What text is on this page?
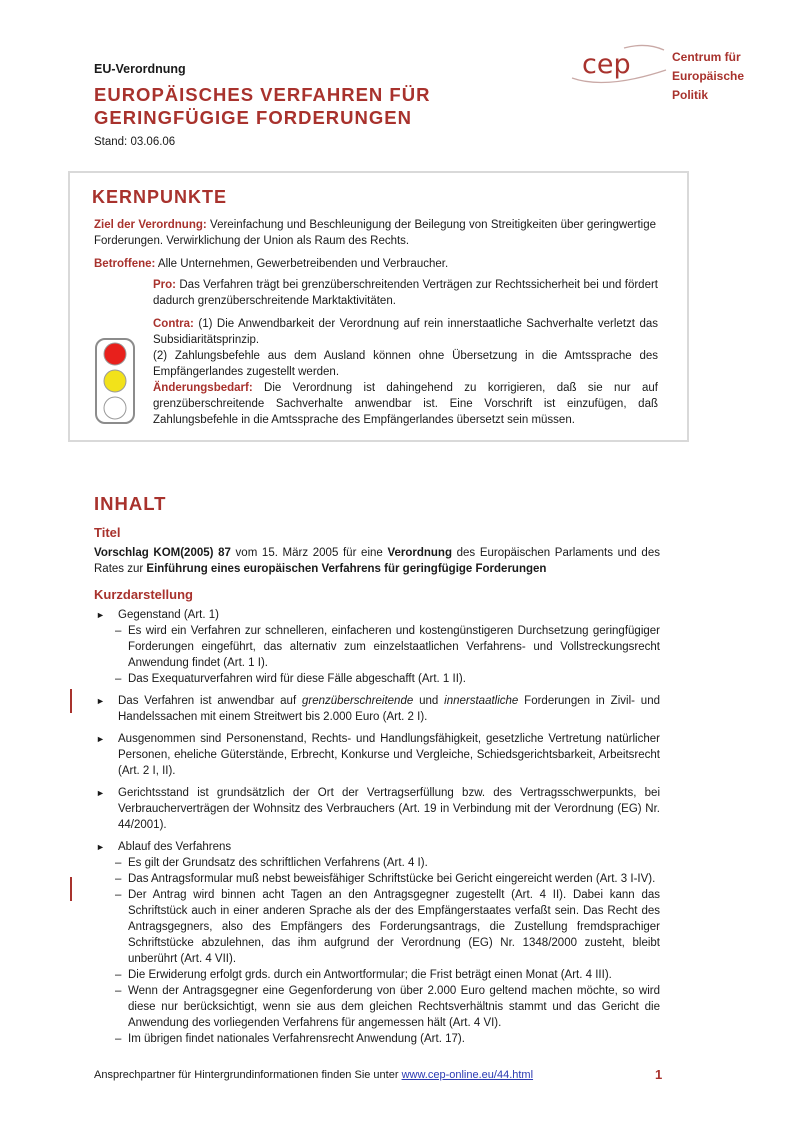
EU-Verordnung
EUROPÄISCHES VERFAHREN FÜR
GERINGFÜGIGE FORDERUNGEN
Stand: 03.06.06
cep	Centrum für
Europäische
Politik
KERNPUNKTE
Ziel der Verordnung: Vereinfachung und Beschleunigung der Beilegung von Streitigkeiten über geringwertige Forderungen. Verwirklichung der Union als Raum des Rechts.
Betroffene: Alle Unternehmen, Gewerbetreibenden und Verbraucher.
Pro: Das Verfahren trägt bei grenzüberschreitenden Verträgen zur Rechtssicherheit bei und fördert dadurch grenzüberschreitende Marktaktivitäten.
Contra: (1) Die Anwendbarkeit der Verordnung auf rein innerstaatliche Sachverhalte verletzt das Subsidiaritätsprinzip.
(2) Zahlungsbefehle aus dem Ausland können ohne Übersetzung in die Amtssprache des Empfängerlandes zugestellt werden.
Änderungsbedarf: Die Verordnung ist dahingehend zu korrigieren, daß sie nur auf grenzüberschreitende Sachverhalte anwendbar ist. Eine Vorschrift ist einzufügen, daß Zahlungsbefehle in die Amtssprache des Empfängerlandes übersetzt sein müssen.
INHALT
Titel
Vorschlag KOM(2005) 87 vom 15. März 2005 für eine Verordnung des Europäischen Parlaments und des Rates zur Einführung eines europäischen Verfahrens für geringfügige Forderungen
Kurzdarstellung
► Gegenstand (Art. 1)
– Es wird ein Verfahren zur schnelleren, einfacheren und kostengünstigeren Durchsetzung geringfügiger Forderungen eingeführt, das alternativ zum einzelstaatlichen Verfahrens- und Vollstreckungsrecht Anwendung findet (Art. 1 I).
– Das Exequaturverfahren wird für diese Fälle abgeschafft (Art. 1 II).
► Das Verfahren ist anwendbar auf grenzüberschreitende und innerstaatliche Forderungen in Zivil- und Handelssachen mit einem Streitwert bis 2.000 Euro (Art. 2 I).
► Ausgenommen sind Personenstand, Rechts- und Handlungsfähigkeit, gesetzliche Vertretung natürlicher Personen, eheliche Güterstände, Erbrecht, Konkurse und Vergleiche, Schiedsgerichtsbarkeit, Arbeitsrecht (Art. 2 I, II).
► Gerichtsstand ist grundsätzlich der Ort der Vertragserfüllung bzw. des Vertragsschwerpunkts, bei Verbraucherverträgen der Wohnsitz des Verbrauchers (Art. 19 in Verbindung mit der Verordnung (EG) Nr. 44/2001).
► Ablauf des Verfahrens
– Es gilt der Grundsatz des schriftlichen Verfahrens (Art. 4 I).
– Das Antragsformular muß nebst beweisfähiger Schriftstücke bei Gericht eingereicht werden (Art. 3 I-IV).
– Der Antrag wird binnen acht Tagen an den Antragsgegner zugestellt (Art. 4 II). Dabei kann das Schriftstück auch in einer anderen Sprache als der des Empfängerstaates verfaßt sein. Das Recht des Antragsgegners, also des Empfängers des Forderungsantrags, die Zustellung fremdsprachiger Schriftstücke abzulehnen, das ihm aufgrund der Verordnung (EG) Nr. 1348/2000 zusteht, bleibt unberührt (Art. 4 VII).
– Die Erwiderung erfolgt grds. durch ein Antwortformular; die Frist beträgt einen Monat (Art. 4 III).
– Wenn der Antragsgegner eine Gegenforderung von über 2.000 Euro geltend machen möchte, so wird diese nur berücksichtigt, wenn sie aus dem gleichen Rechtsverhältnis stammt und das Gericht die Anwendung des vorliegenden Verfahrens für angemessen hält (Art. 4 VI).
– Im übrigen findet nationales Verfahrensrecht Anwendung (Art. 17).
Ansprechpartner für Hintergrundinformationen finden Sie unter www.cep-online.eu/44.html	1
